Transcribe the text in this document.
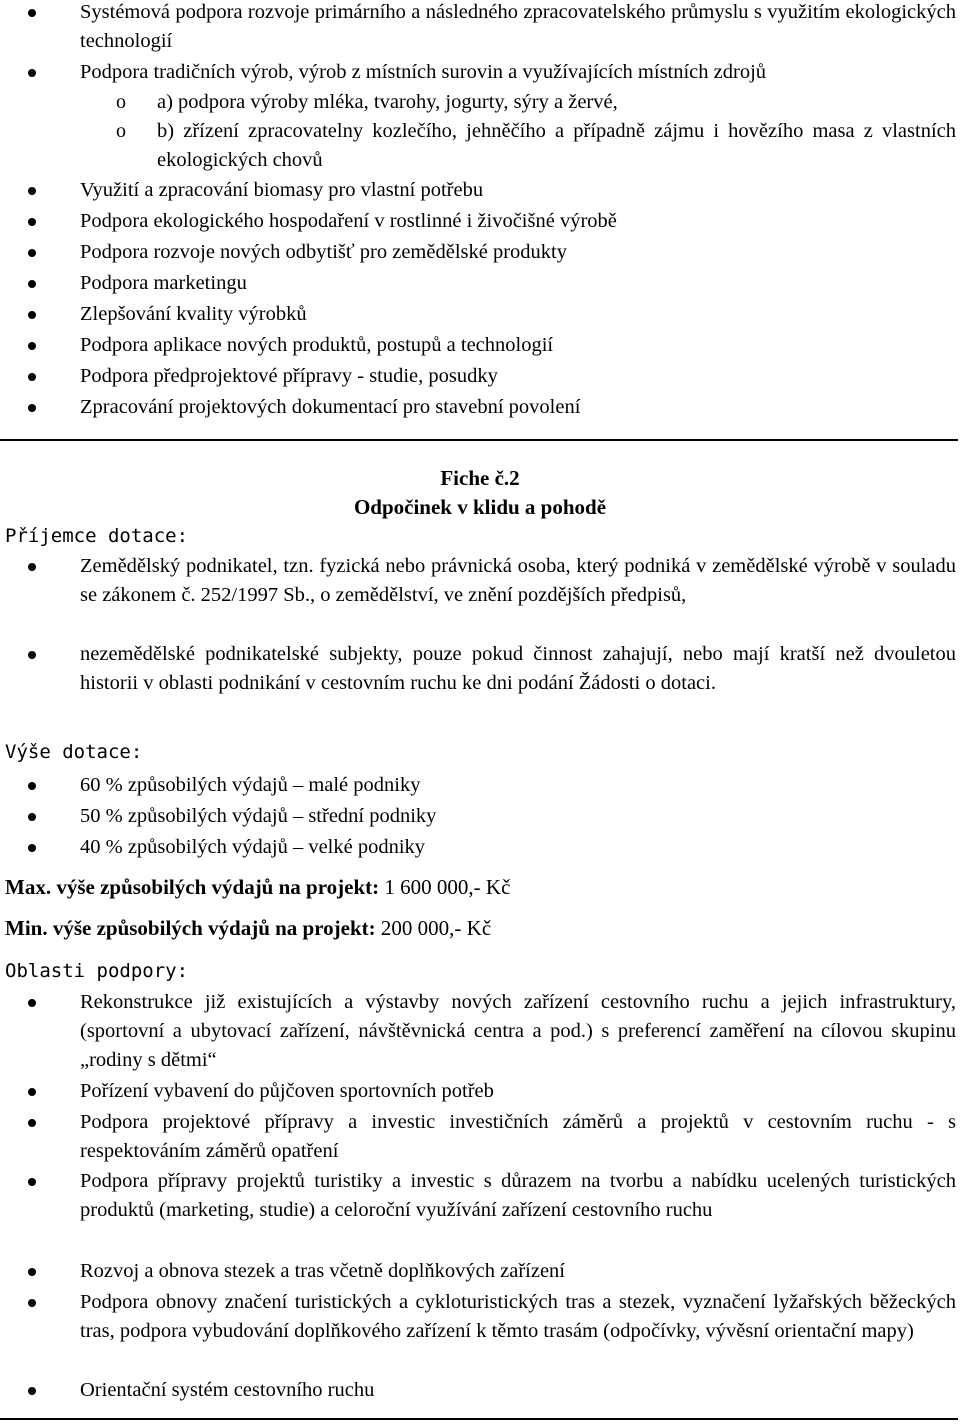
Systémová podpora rozvoje primárního a následného zpracovatelského průmyslu s využitím ekologických technologií
Podpora tradičních výrob, výrob z místních surovin a využívajících místních zdrojů
o a) podpora výroby mléka, tvarohy, jogurty, sýry a žervé,
o b) zřízení zpracovatelny kozlečího, jehněčího a případně zájmu i hovězího masa z vlastních ekologických chovů
Využití a zpracování biomasy pro vlastní potřebu
Podpora ekologického hospodaření v rostlinné i živočišné výrobě
Podpora rozvoje nových odbytišť pro zemědělské produkty
Podpora marketingu
Zlepšování kvality výrobků
Podpora aplikace nových produktů, postupů a technologií
Podpora předprojektové přípravy - studie, posudky
Zpracování projektových dokumentací pro stavební povolení
Fiche č.2
Odpočinek v klidu a pohodě
Příjemce dotace:
Zemědělský podnikatel, tzn. fyzická nebo právnická osoba, který podniká v zemědělské výrobě v souladu se zákonem č. 252/1997 Sb., o zemědělství, ve znění pozdějších předpisů,
nezemědělské podnikatelské subjekty, pouze pokud činnost zahajují, nebo mají kratší než dvouletou historii v oblasti podnikání v cestovním ruchu ke dni podání Žádosti o dotaci.
Výše dotace:
60 % způsobilých výdajů – malé podniky
50 % způsobilých výdajů – střední podniky
40 % způsobilých výdajů – velké podniky
Max. výše způsobilých výdajů na projekt: 1 600 000,- Kč
Min. výše způsobilých výdajů na projekt: 200 000,- Kč
Oblasti podpory:
Rekonstrukce již existujících a výstavby nových zařízení cestovního ruchu a jejich infrastruktury, (sportovní a ubytovací zařízení, návštěvnická centra a pod.) s preferencí zaměření na cílovou skupinu „rodiny s dětmi“
Pořízení vybavení do půjčoven sportovních potřeb
Podpora projektové přípravy a investic investičních záměrů a projektů v cestovním ruchu - s respektováním záměrů opatření
Podpora přípravy projektů turistiky a investic s důrazem na tvorbu a nabídku ucelených turistických produktů (marketing, studie) a celoroční využívání zařízení cestovního ruchu
Rozvoj a obnova stezek a tras včetně doplňkových zařízení
Podpora obnovy značení turistických a cykloturistických tras a stezek, vyznačení lyžařských běžeckých tras, podpora vybudování doplňkového zařízení k těmto trasám (odpočívky, vývěsní orientační mapy)
Orientační systém cestovního ruchu
